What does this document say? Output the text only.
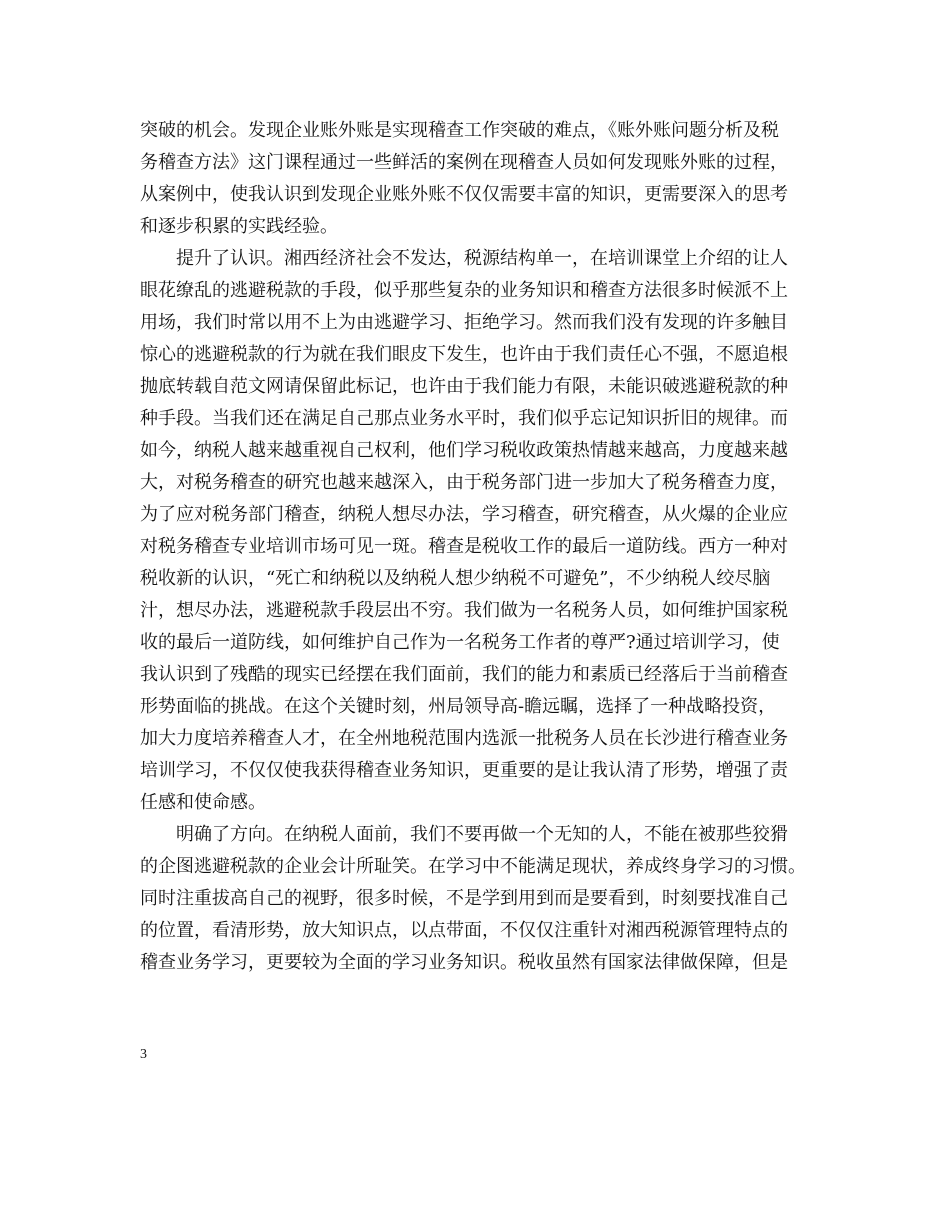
突破的机会。发现企业账外账是实现稽查工作突破的难点，《账外账问题分析及税
务稽查方法》这门课程通过一些鲜活的案例在现稽查人员如何发现账外账的过程，
从案例中，使我认识到发现企业账外账不仅仅需要丰富的知识，更需要深入的思考
和逐步积累的实践经验。
提升了认识。湘西经济社会不发达，税源结构单一，在培训课堂上介绍的让人
眼花缭乱的逃避税款的手段，似乎那些复杂的业务知识和稽查方法很多时候派不上
用场，我们时常以用不上为由逃避学习、拒绝学习。然而我们没有发现的许多触目
惊心的逃避税款的行为就在我们眼皮下发生，也许由于我们责任心不强，不愿追根
抛底转载自范文网请保留此标记，也许由于我们能力有限，未能识破逃避税款的种
种手段。当我们还在满足自己那点业务水平时，我们似乎忘记知识折旧的规律。而
如今，纳税人越来越重视自己权利，他们学习税收政策热情越来越高，力度越来越
大，对税务稽查的研究也越来越深入，由于税务部门进一步加大了税务稽查力度，
为了应对税务部门稽查，纳税人想尽办法，学习稽查，研究稽查，从火爆的企业应
对税务稽查专业培训市场可见一斑。稽查是税收工作的最后一道防线。西方一种对
税收新的认识，“死亡和纳税以及纳税人想少纳税不可避免”，不少纳税人绞尽脑
汁，想尽办法，逃避税款手段层出不穷。我们做为一名税务人员，如何维护国家税
收的最后一道防线，如何维护自己作为一名税务工作者的尊严?通过培训学习，使
我认识到了残酷的现实已经摆在我们面前，我们的能力和素质已经落后于当前稽查
形势面临的挑战。在这个关键时刻，州局领导高-瞻远瞩，选择了一种战略投资，
加大力度培养稽查人才，在全州地税范围内选派一批税务人员在长沙进行稽查业务
培训学习，不仅仅使我获得稽查业务知识，更重要的是让我认清了形势，增强了责
任感和使命感。
明确了方向。在纳税人面前，我们不要再做一个无知的人，不能在被那些狡猾
的企图逃避税款的企业会计所耻笑。在学习中不能满足现状，养成终身学习的习惯。
同时注重拔高自己的视野，很多时候，不是学到用到而是要看到，时刻要找准自己
的位置，看清形势，放大知识点，以点带面，不仅仅注重针对湘西税源管理特点的
稽查业务学习，更要较为全面的学习业务知识。税收虽然有国家法律做保障，但是
3
